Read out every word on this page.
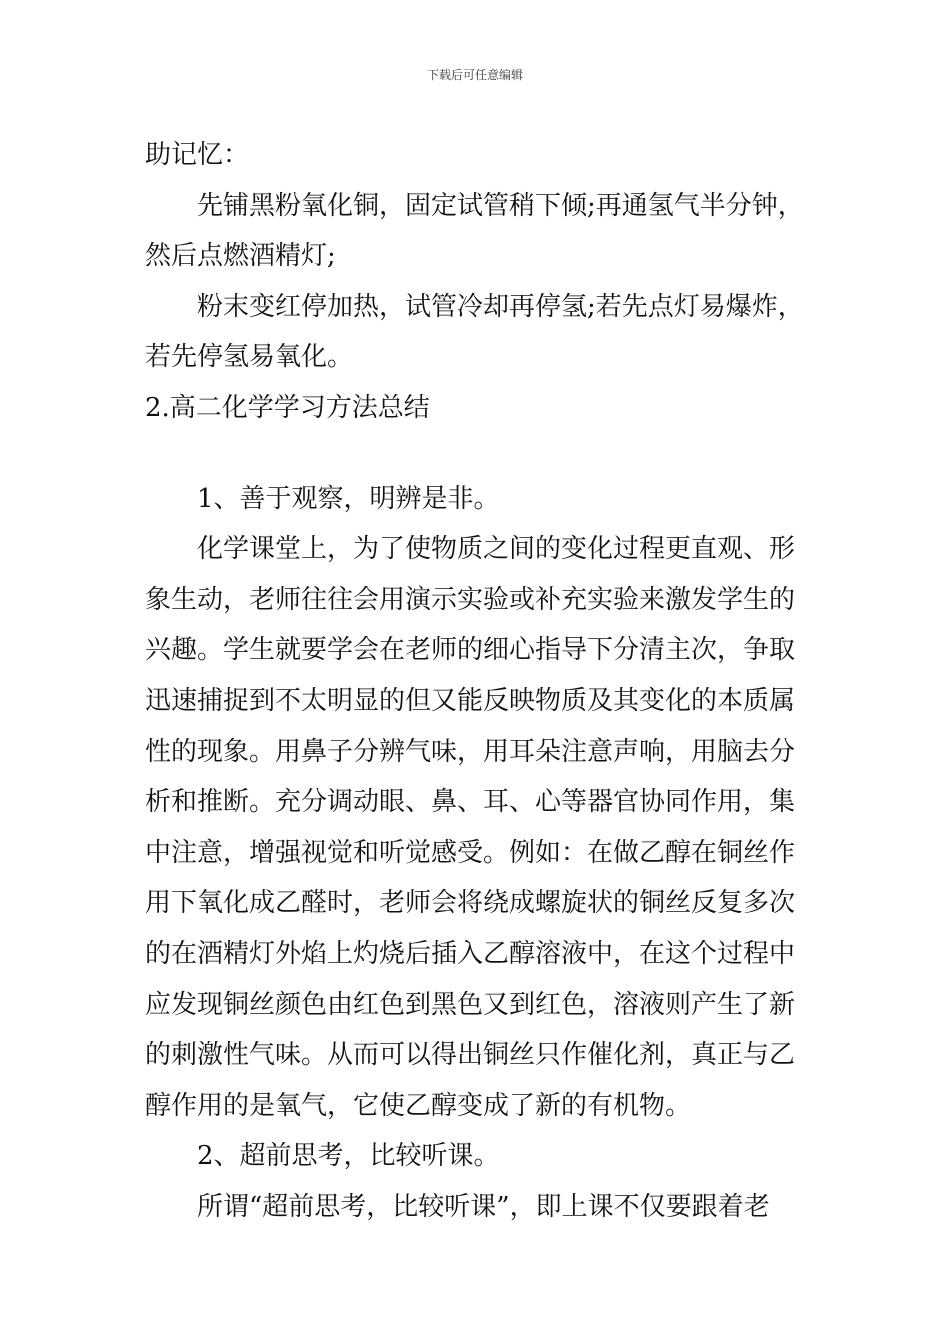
下载后可任意编辑

助记忆：

先铺黑粉氧化铜，固定试管稍下倾;再通氢气半分钟，然后点燃酒精灯;

粉末变红停加热，试管冷却再停氢;若先点灯易爆炸，若先停氢易氧化。

2.高二化学学习方法总结

1、善于观察，明辨是非。

化学课堂上，为了使物质之间的变化过程更直观、形象生动，老师往往会用演示实验或补充实验来激发学生的兴趣。学生就要学会在老师的细心指导下分清主次，争取迅速捕捉到不太明显的但又能反映物质及其变化的本质属性的现象。用鼻子分辨气味，用耳朵注意声响，用脑去分析和推断。充分调动眼、鼻、耳、心等器官协同作用，集中注意，增强视觉和听觉感受。例如：在做乙醇在铜丝作用下氧化成乙醛时，老师会将绕成螺旋状的铜丝反复多次的在酒精灯外焰上灼烧后插入乙醇溶液中，在这个过程中应发现铜丝颜色由红色到黑色又到红色，溶液则产生了新的刺激性气味。从而可以得出铜丝只作催化剂，真正与乙醇作用的是氧气，它使乙醇变成了新的有机物。

2、超前思考，比较听课。

所谓“超前思考，比较听课”，即上课不仅要跟着老
